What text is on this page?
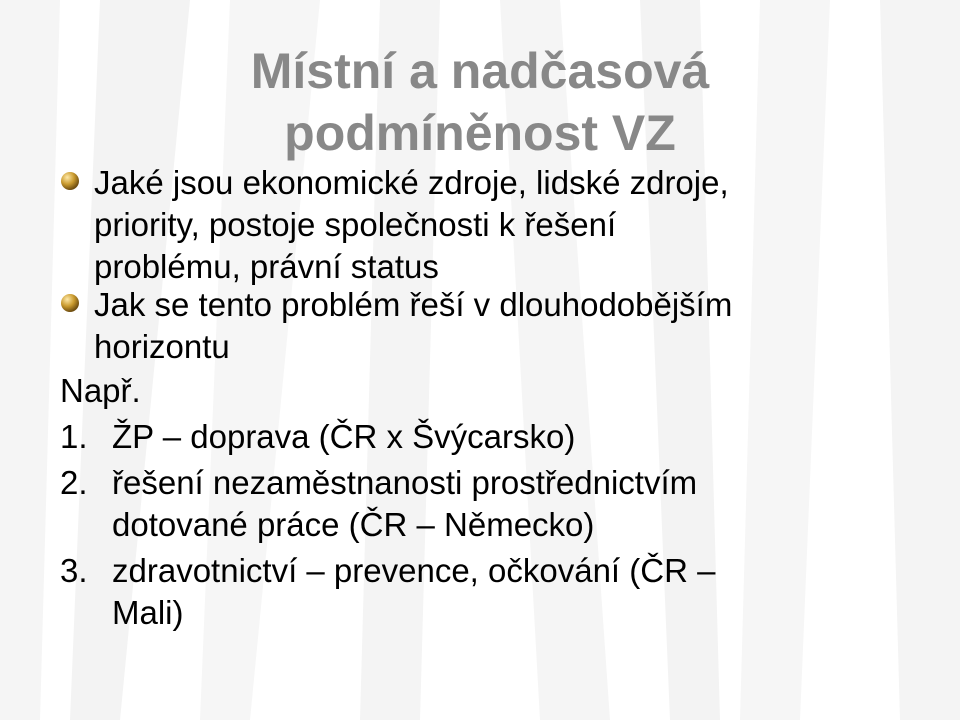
Místní a nadčasová
podmíněnost VZ
Jaké jsou ekonomické zdroje, lidské zdroje,
priority, postoje společnosti k řešení
problému, právní status
Jak se tento problém řeší v dlouhodobějším
horizontu
Např.
1. ŽP – doprava (ČR x Švýcarsko)
2. řešení nezaměstnanosti prostřednictvím
dotované práce (ČR – Německo)
3. zdravotnictví – prevence, očkování (ČR –
Mali)
